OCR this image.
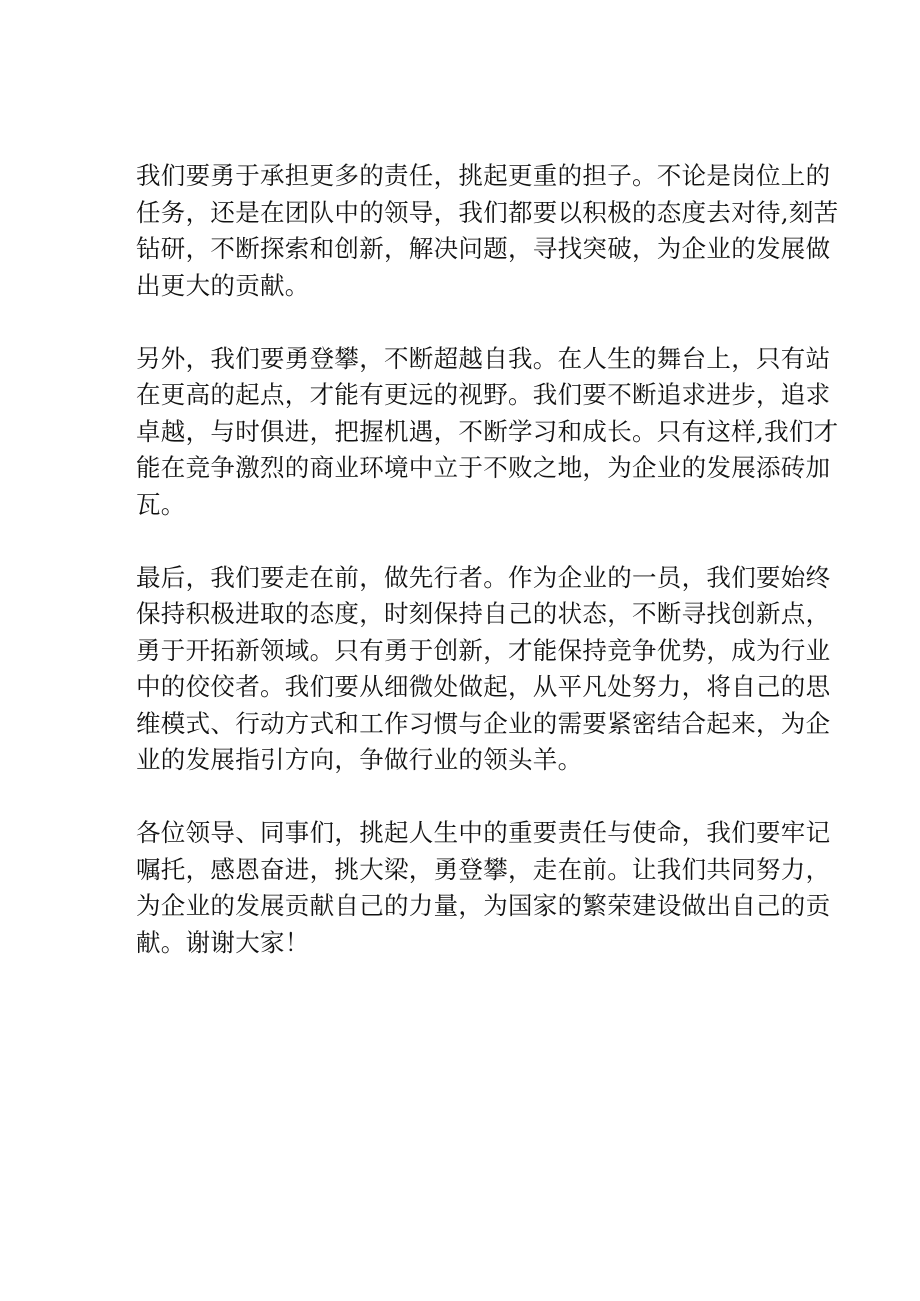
我们要勇于承担更多的责任，挑起更重的担子。不论是岗位上的
任务，还是在团队中的领导，我们都要以积极的态度去对待,刻苦
钻研，不断探索和创新，解决问题，寻找突破，为企业的发展做
出更大的贡献。

另外，我们要勇登攀，不断超越自我。在人生的舞台上，只有站
在更高的起点，才能有更远的视野。我们要不断追求进步，追求
卓越，与时俱进，把握机遇，不断学习和成长。只有这样,我们才
能在竞争激烈的商业环境中立于不败之地，为企业的发展添砖加
瓦。

最后，我们要走在前，做先行者。作为企业的一员，我们要始终
保持积极进取的态度，时刻保持自己的状态，不断寻找创新点，
勇于开拓新领域。只有勇于创新，才能保持竞争优势，成为行业
中的佼佼者。我们要从细微处做起，从平凡处努力，将自己的思
维模式、行动方式和工作习惯与企业的需要紧密结合起来，为企
业的发展指引方向，争做行业的领头羊。

各位领导、同事们，挑起人生中的重要责任与使命，我们要牢记
嘱托，感恩奋进，挑大梁，勇登攀，走在前。让我们共同努力，
为企业的发展贡献自己的力量，为国家的繁荣建设做出自己的贡
献。谢谢大家！
